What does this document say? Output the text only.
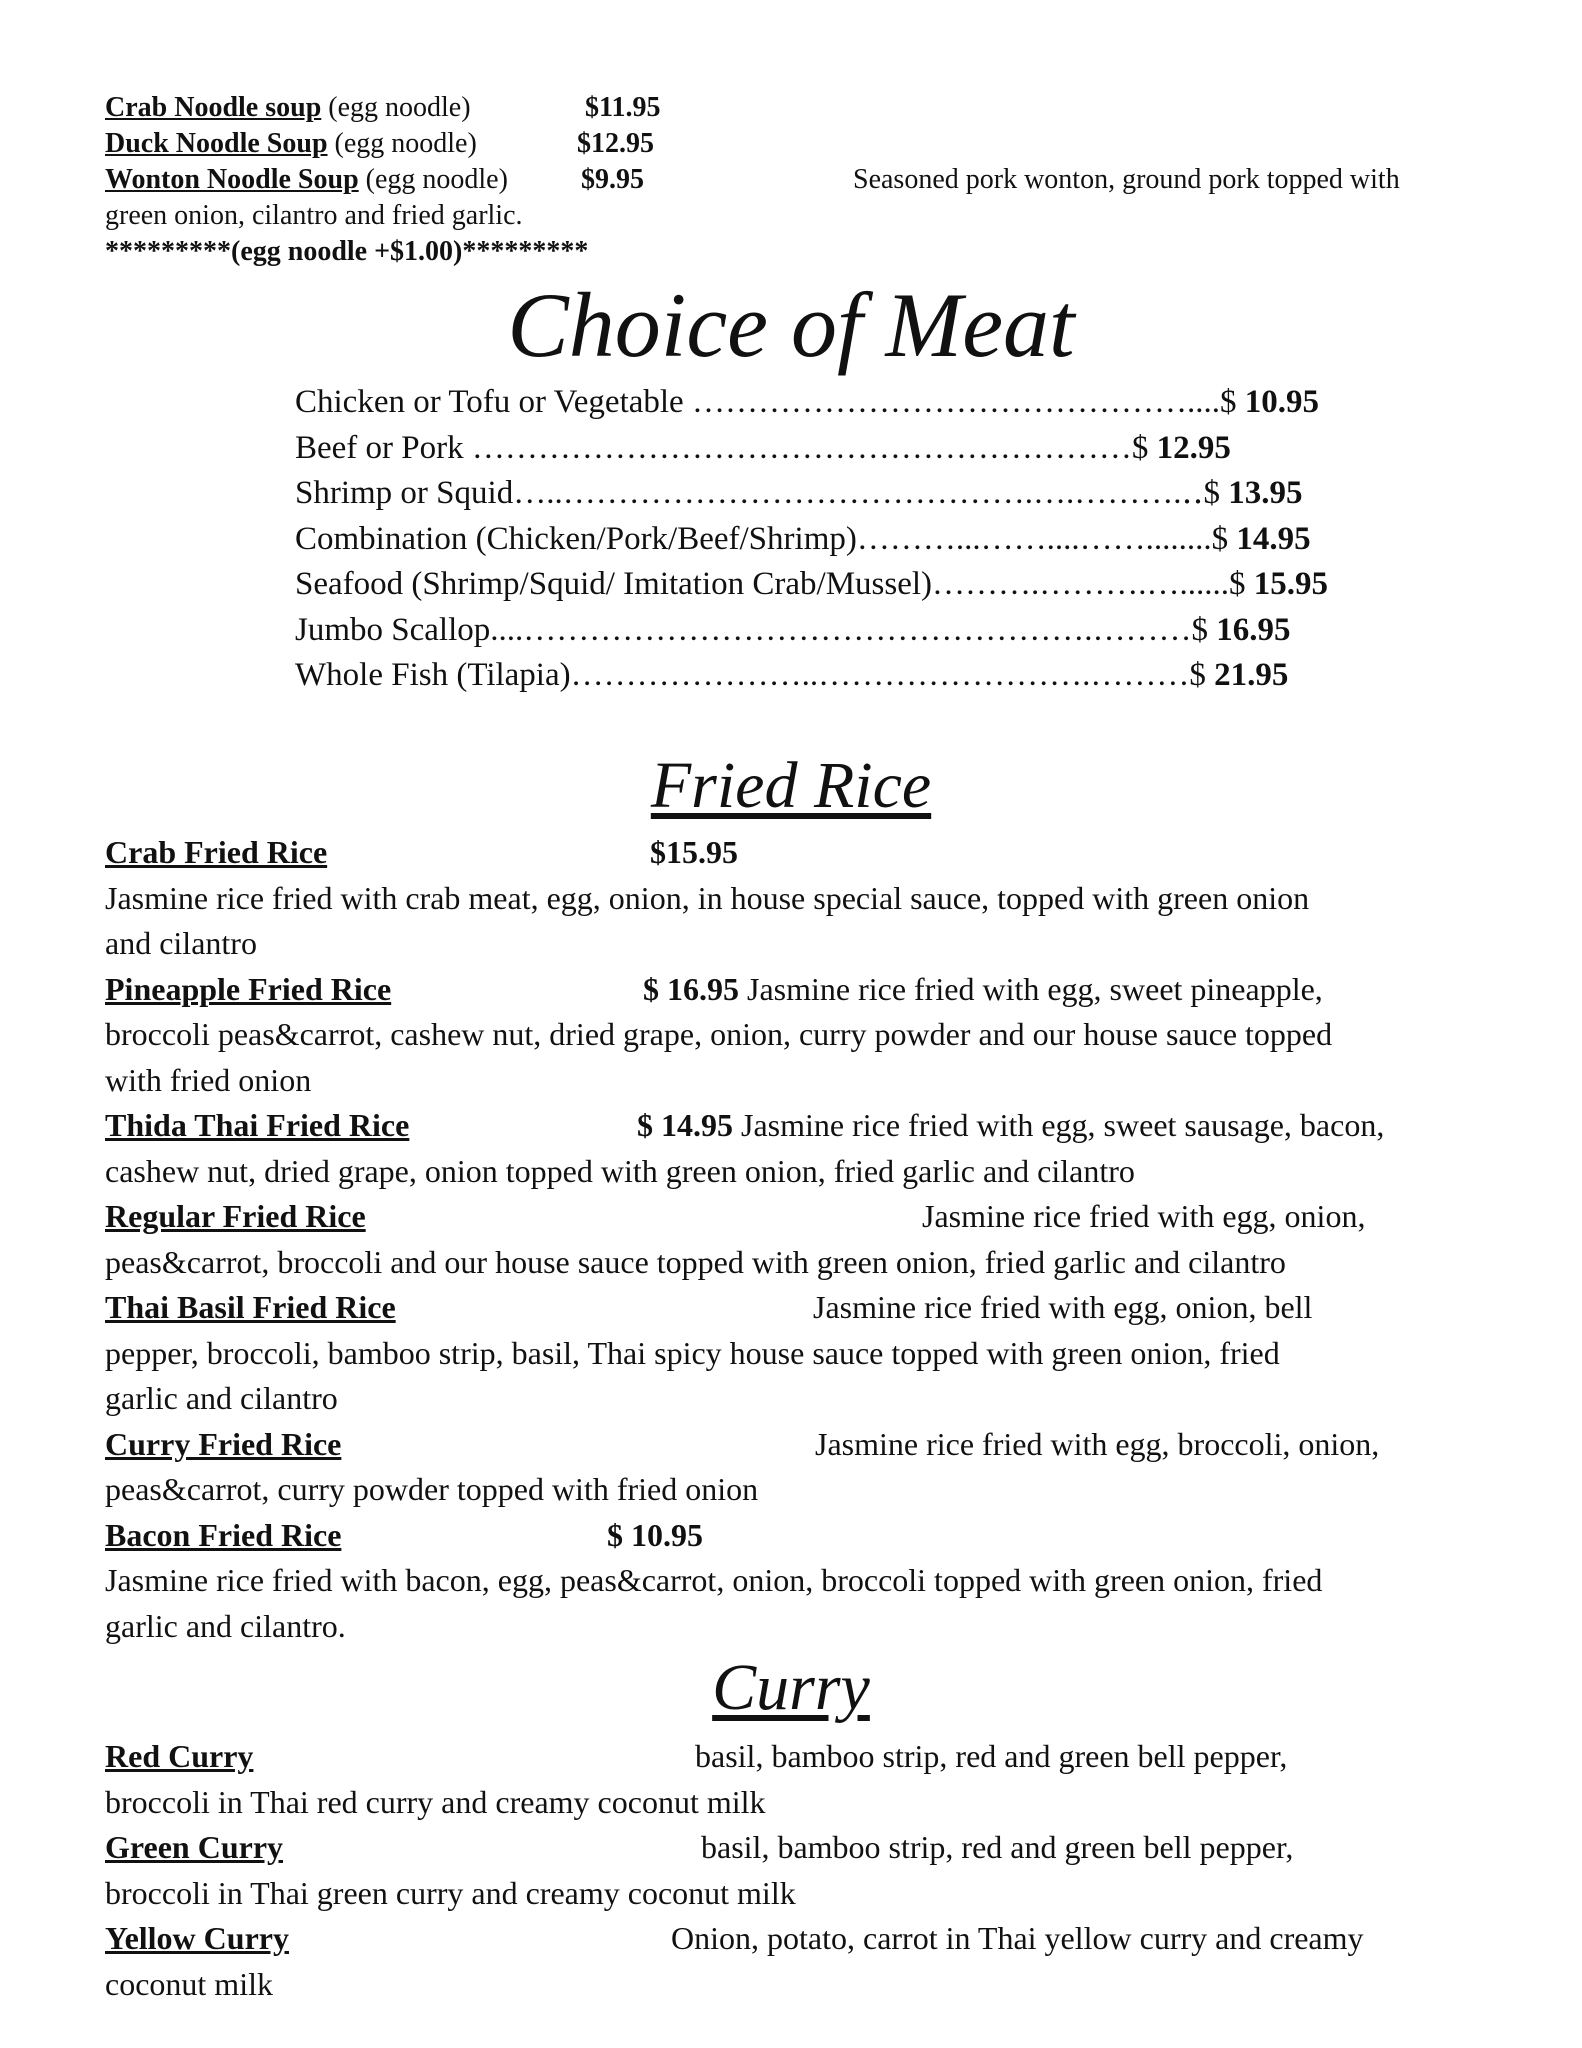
Crab Noodle soup (egg noodle)	$11.95
Duck Noodle Soup (egg noodle)	$12.95
Wonton Noodle Soup (egg noodle)	$9.95	Seasoned pork wonton, ground pork topped with
green onion, cilantro and fried garlic.
*********(egg noodle +$1.00)*********
Choice of Meat
Chicken or Tofu or Vegetable ………………………………………....$ 10.95
Beef or Pork ……………………………………………………$ 12.95
Shrimp or Squid…..…………………………………….….……….‥$ 13.95
Combination (Chicken/Pork/Beef/Shrimp)………...……....……........$ 14.95
Seafood (Shrimp/Squid/ Imitation Crab/Mussel)……….……….…......$ 15.95
Jumbo Scallop....…………………………………………….………$ 16.95
Whole Fish (Tilapia)…………………..…………………….………$ 21.95
Fried Rice
Crab Fried Rice	$15.95
Jasmine rice fried with crab meat, egg, onion, in house special sauce, topped with green onion
and cilantro
Pineapple Fried Rice	$ 16.95 Jasmine rice fried with egg, sweet pineapple,
broccoli peas&carrot, cashew nut, dried grape, onion, curry powder and our house sauce topped
with fried onion
Thida Thai Fried Rice	$ 14.95 Jasmine rice fried with egg, sweet sausage, bacon,
cashew nut, dried grape, onion topped with green onion, fried garlic and cilantro
Regular Fried Rice	Jasmine rice fried with egg, onion,
peas&carrot, broccoli and our house sauce topped with green onion, fried garlic and cilantro
Thai Basil Fried Rice	Jasmine rice fried with egg, onion, bell
pepper, broccoli, bamboo strip, basil, Thai spicy house sauce topped with green onion, fried
garlic and cilantro
Curry Fried Rice	Jasmine rice fried with egg, broccoli, onion,
peas&carrot, curry powder topped with fried onion
Bacon Fried Rice	$ 10.95
Jasmine rice fried with bacon, egg, peas&carrot, onion, broccoli topped with green onion, fried
garlic and cilantro.
Curry
Red Curry	basil, bamboo strip, red and green bell pepper,
broccoli in Thai red curry and creamy coconut milk
Green Curry	basil, bamboo strip, red and green bell pepper,
broccoli in Thai green curry and creamy coconut milk
Yellow Curry	Onion, potato, carrot in Thai yellow curry and creamy
coconut milk
